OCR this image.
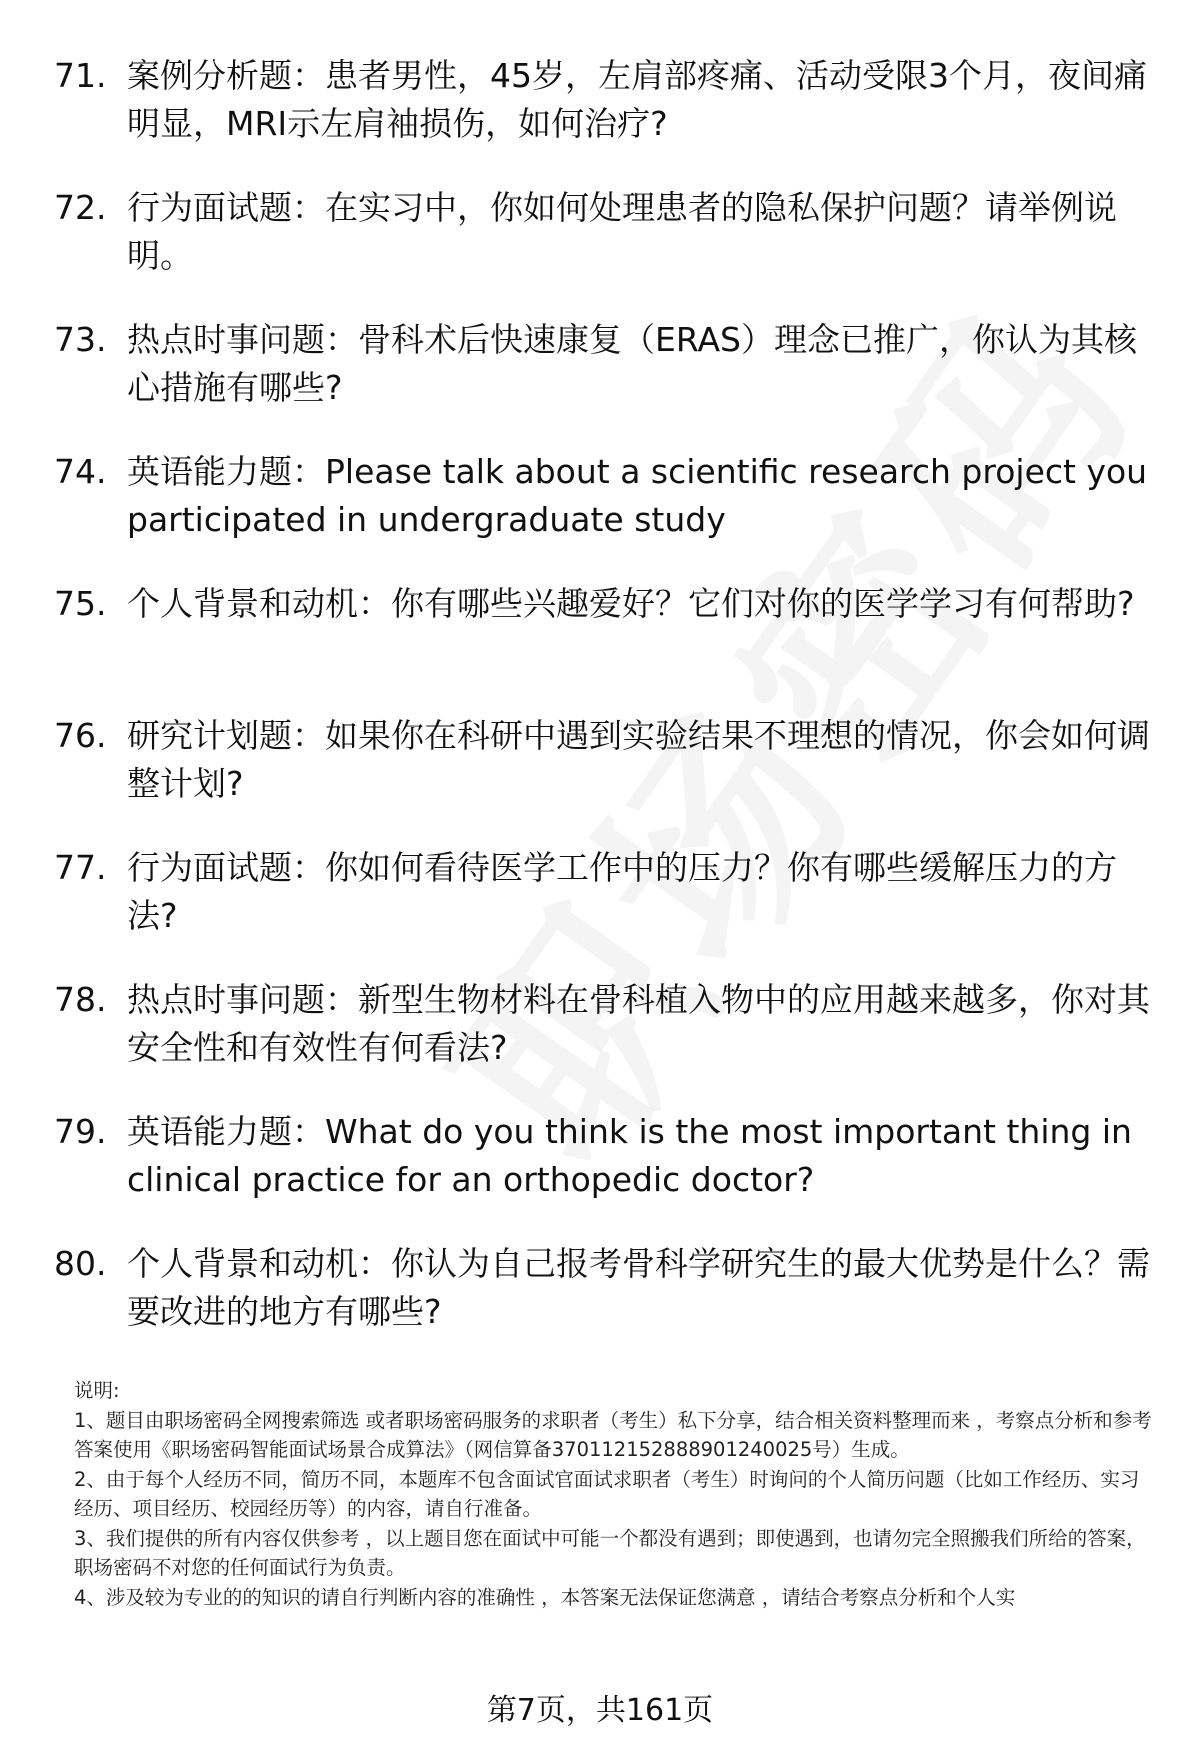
71. 案例分析题：患者男性，45岁，左肩部疼痛、活动受限3个月，夜间痛明显，MRI示左肩袖损伤，如何治疗?
72. 行为面试题：在实习中，你如何处理患者的隐私保护问题？请举例说明。
73. 热点时事问题：骨科术后快速康复（ERAS）理念已推广，你认为其核心措施有哪些?
74. 英语能力题：Please talk about a scientific research project you participated in undergraduate study
75. 个人背景和动机：你有哪些兴趣爱好？它们对你的医学学习有何帮助?
76. 研究计划题：如果你在科研中遇到实验结果不理想的情况，你会如何调整计划?
77. 行为面试题：你如何看待医学工作中的压力？你有哪些缓解压力的方法?
78. 热点时事问题：新型生物材料在骨科植入物中的应用越来越多，你对其安全性和有效性有何看法?
79. 英语能力题：What do you think is the most important thing in clinical practice for an orthopedic doctor?
80. 个人背景和动机：你认为自己报考骨科学研究生的最大优势是什么？需要改进的地方有哪些?

说明:

1、题目由职场密码全网搜索筛选 或者职场密码服务的求职者（考生）私下分享，结合相关资料整理而来 ，考察点分析和参考答案使用《职场密码智能面试场景合成算法》（网信算备370112152888901240025号）生成。

2、由于每个人经历不同，简历不同，本题库不包含面试官面试求职者（考生）时询问的个人简历问题（比如工作经历、实习经历、项目经历、校园经历等）的内容，请自行准备。

3、我们提供的所有内容仅供参考 ，以上题目您在面试中可能一个都没有遇到；即使遇到，也请勿完全照搬我们所给的答案，职场密码不对您的任何面试行为负责。

4、涉及较为专业的的知识的请自行判断内容的准确性 ，本答案无法保证您满意 ，请结合考察点分析和个人实

第7页，共161页
